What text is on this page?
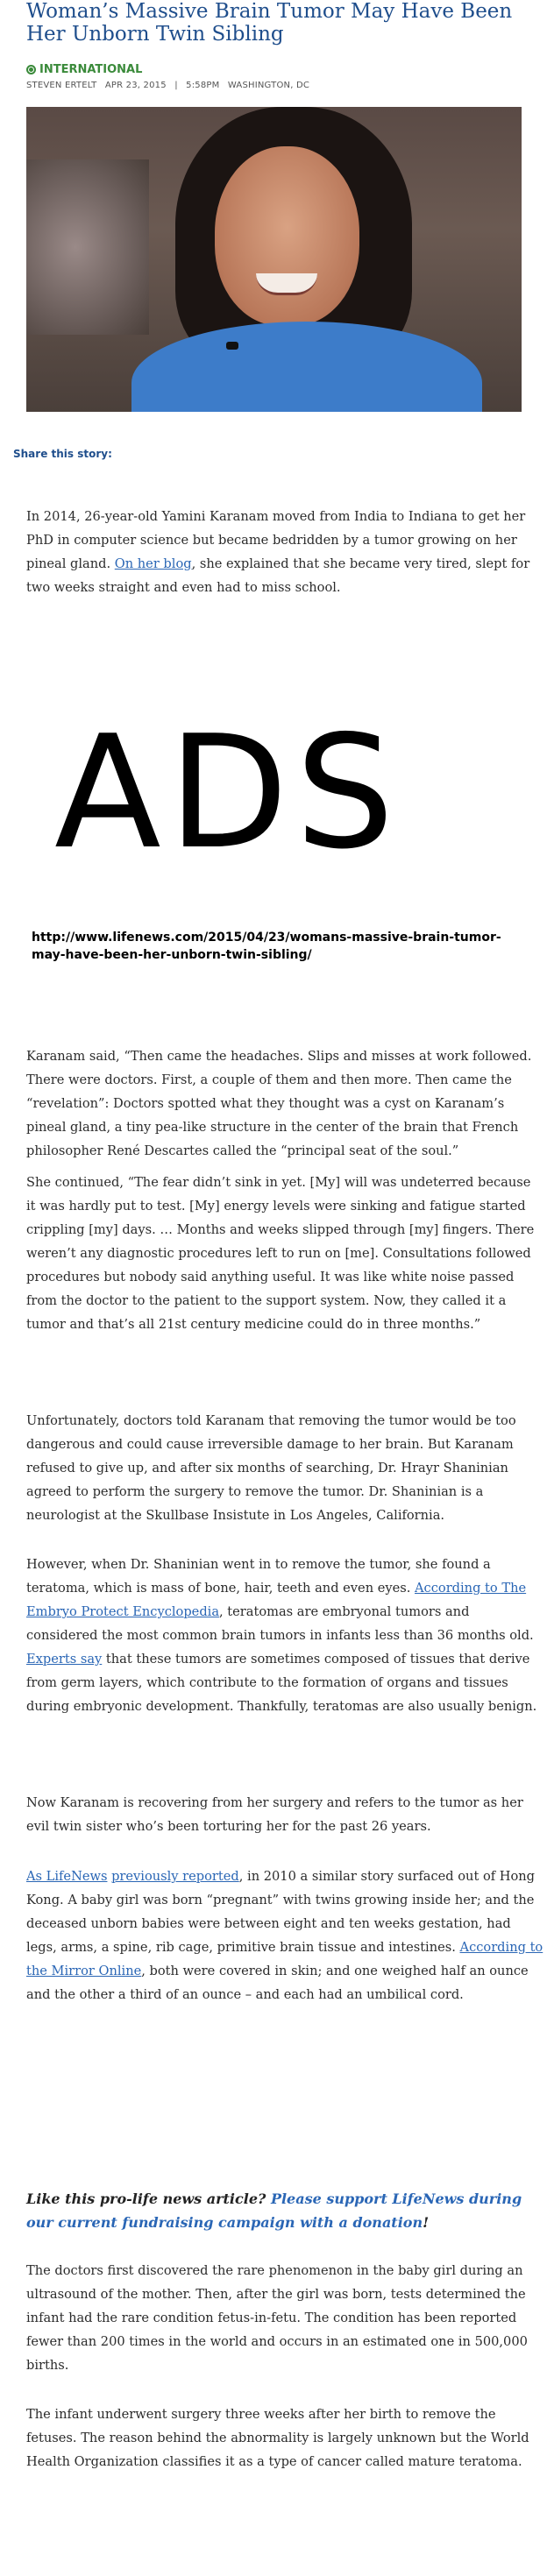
Woman’s Massive Brain Tumor May Have Been Her Unborn Twin Sibling
INTERNATIONAL
STEVEN ERTELT APR 23, 2015 | 5:58PM WASHINGTON, DC

Share this story:

In 2014, 26-year-old Yamini Karanam moved from India to Indiana to get her PhD in computer science but became bedridden by a tumor growing on her pineal gland. On her blog, she explained that she became very tired, slept for two weeks straight and even had to miss school.

ADS

http://www.lifenews.com/2015/04/23/womans-massive-brain-tumor-may-have-been-her-unborn-twin-sibling/

Karanam said, “Then came the headaches. Slips and misses at work followed. There were doctors. First, a couple of them and then more. Then came the “revelation”: Doctors spotted what they thought was a cyst on Karanam’s pineal gland, a tiny pea-like structure in the center of the brain that French philosopher René Descartes called the “principal seat of the soul.”

She continued, “The fear didn’t sink in yet. [My] will was undeterred because it was hardly put to test. [My] energy levels were sinking and fatigue started crippling [my] days. … Months and weeks slipped through [my] fingers. There weren’t any diagnostic procedures left to run on [me]. Consultations followed procedures but nobody said anything useful. It was like white noise passed from the doctor to the patient to the support system. Now, they called it a tumor and that’s all 21st century medicine could do in three months.”

Unfortunately, doctors told Karanam that removing the tumor would be too dangerous and could cause irreversible damage to her brain. But Karanam refused to give up, and after six months of searching, Dr. Hrayr Shaninian agreed to perform the surgery to remove the tumor. Dr. Shaninian is a neurologist at the Skullbase Insistute in Los Angeles, California.

However, when Dr. Shaninian went in to remove the tumor, she found a teratoma, which is mass of bone, hair, teeth and even eyes. According to The Embryo Protect Encyclopedia, teratomas are embryonal tumors and considered the most common brain tumors in infants less than 36 months old. Experts say that these tumors are sometimes composed of tissues that derive from germ layers, which contribute to the formation of organs and tissues during embryonic development. Thankfully, teratomas are also usually benign.

Now Karanam is recovering from her surgery and refers to the tumor as her evil twin sister who’s been torturing her for the past 26 years.

As LifeNews previously reported, in 2010 a similar story surfaced out of Hong Kong. A baby girl was born “pregnant” with twins growing inside her; and the deceased unborn babies were between eight and ten weeks gestation, had legs, arms, a spine, rib cage, primitive brain tissue and intestines. According to the Mirror Online, both were covered in skin; and one weighed half an ounce and the other a third of an ounce – and each had an umbilical cord.

Like this pro-life news article? Please support LifeNews during our current fundraising campaign with a donation!

The doctors first discovered the rare phenomenon in the baby girl during an ultrasound of the mother. Then, after the girl was born, tests determined the infant had the rare condition fetus-in-fetu. The condition has been reported fewer than 200 times in the world and occurs in an estimated one in 500,000 births.

The infant underwent surgery three weeks after her birth to remove the fetuses. The reason behind the abnormality is largely unknown but the World Health Organization classifies it as a type of cancer called mature teratoma.
